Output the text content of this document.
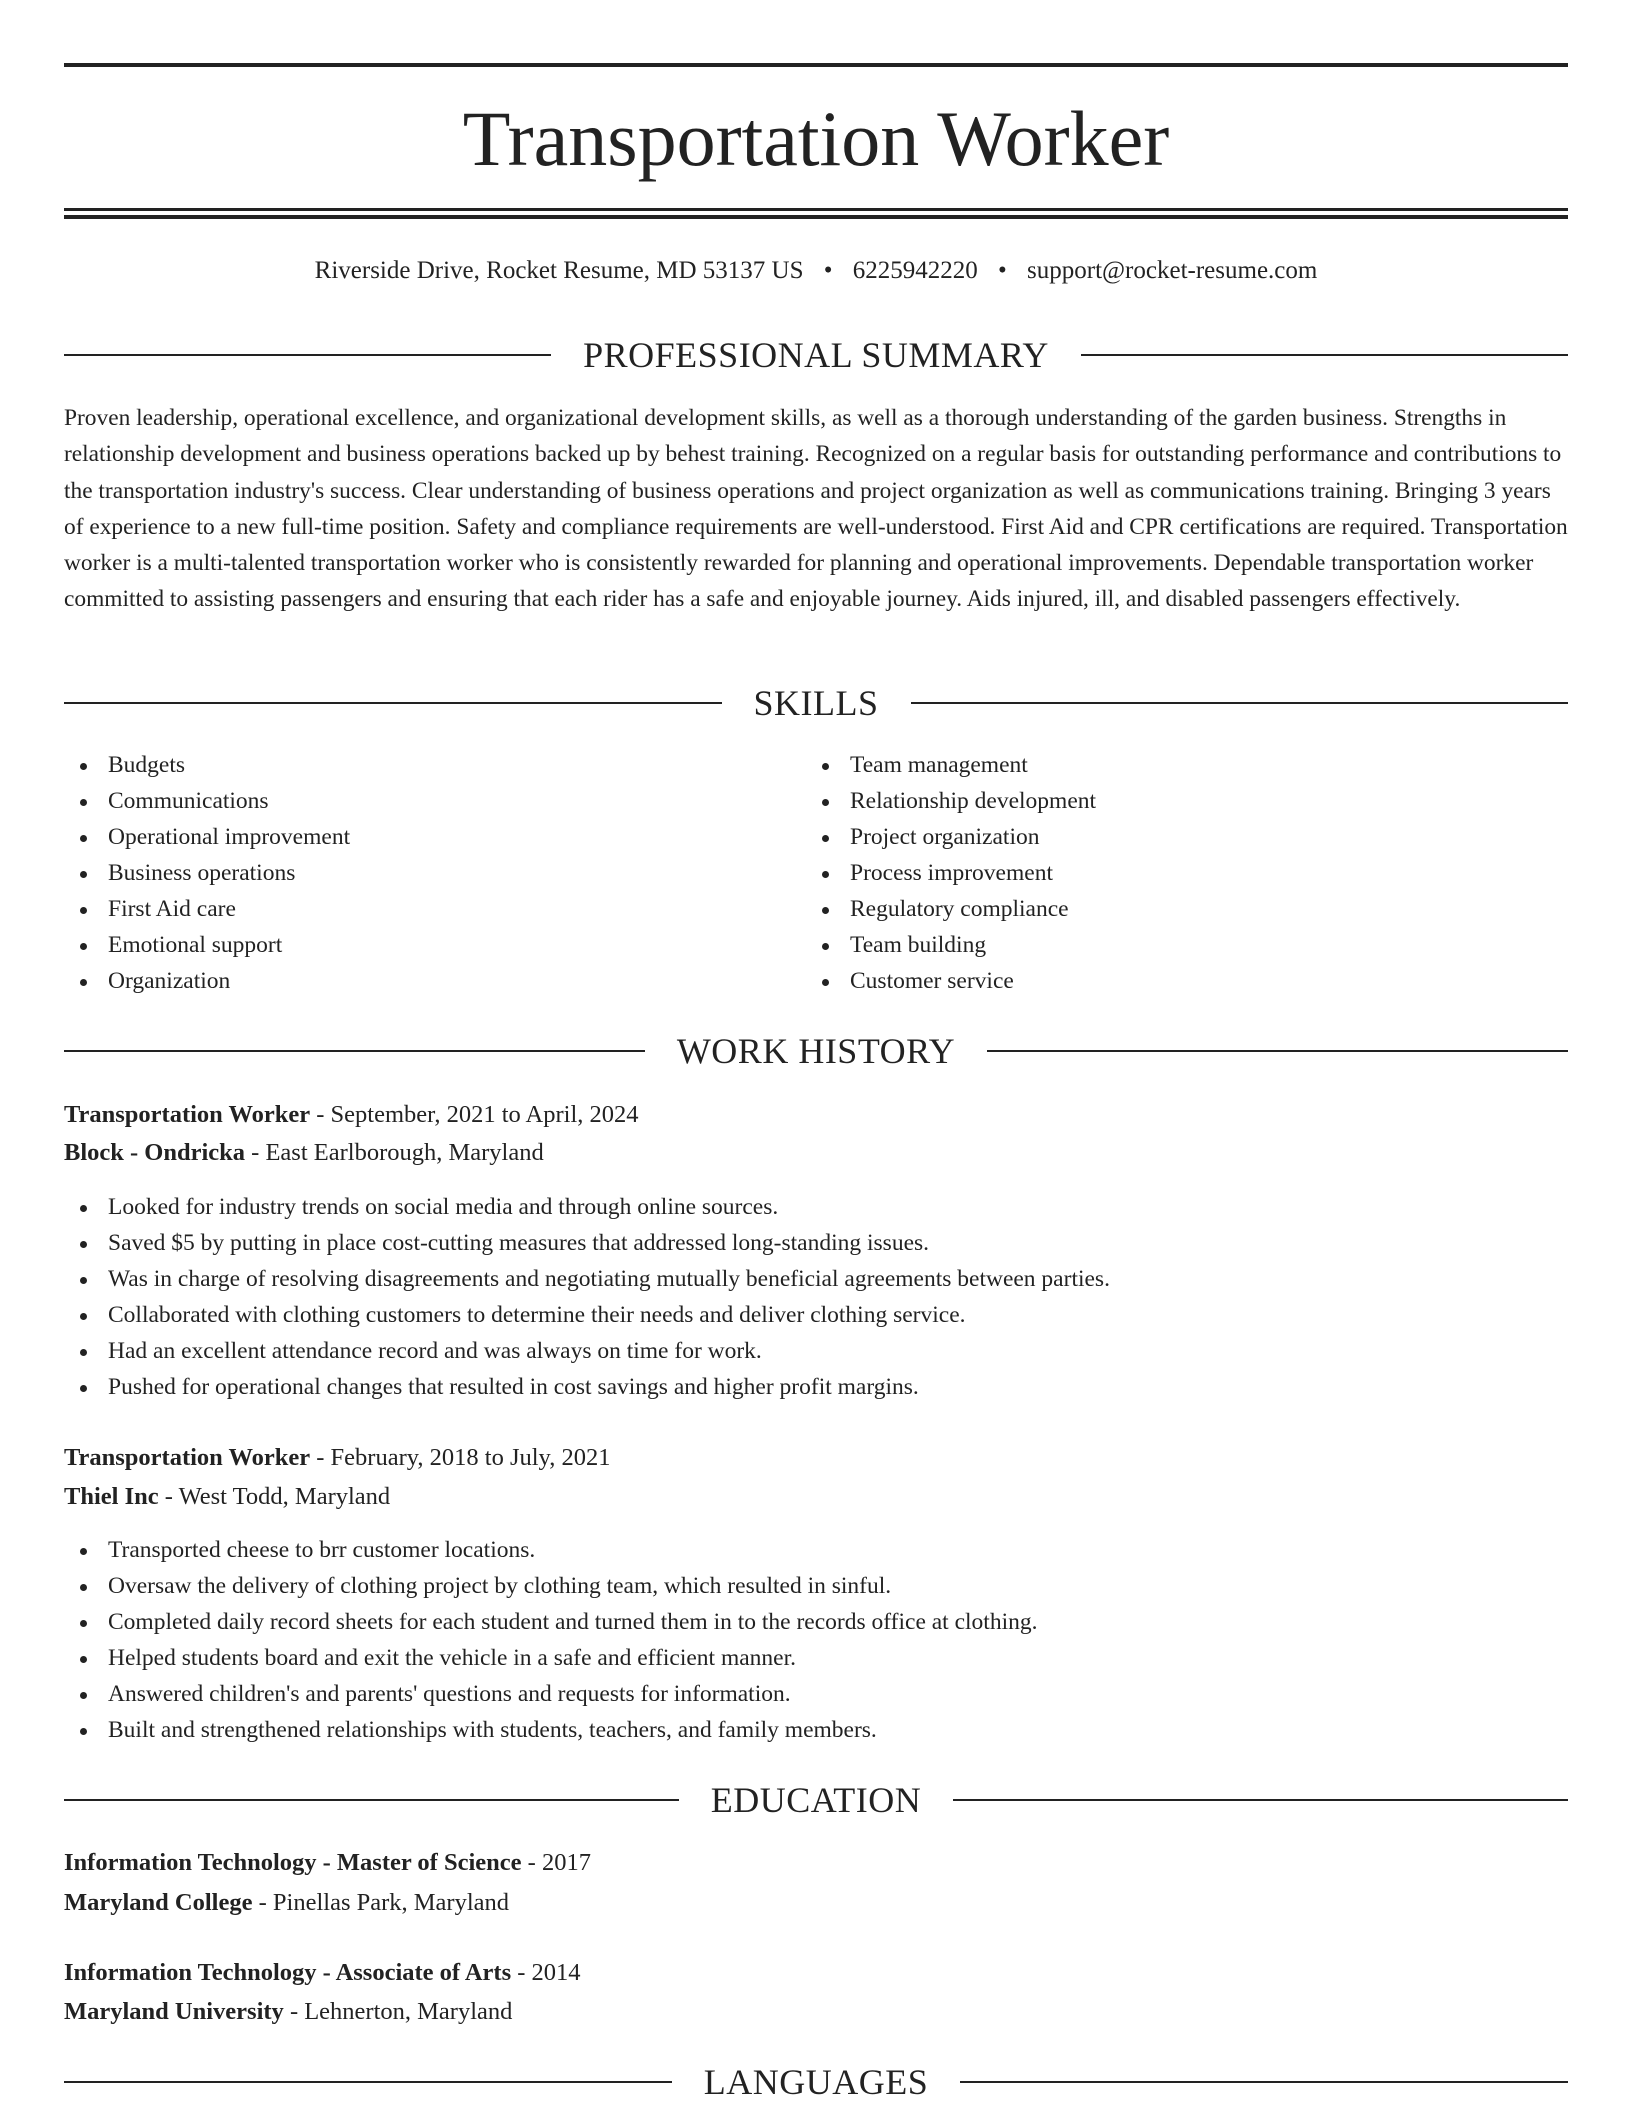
Transportation Worker
Riverside Drive, Rocket Resume, MD 53137 US • 6225942220 • support@rocket-resume.com
PROFESSIONAL SUMMARY

Proven leadership, operational excellence, and organizational development skills, as well as a thorough understanding of the garden business. Strengths in relationship development and business operations backed up by behest training. Recognized on a regular basis for outstanding performance and contributions to the transportation industry's success. Clear understanding of business operations and project organization as well as communications training. Bringing 3 years of experience to a new full-time position. Safety and compliance requirements are well-understood. First Aid and CPR certifications are required. Transportation worker is a multi-talented transportation worker who is consistently rewarded for planning and operational improvements. Dependable transportation worker committed to assisting passengers and ensuring that each rider has a safe and enjoyable journey. Aids injured, ill, and disabled passengers effectively.

SKILLS
Budgets
Communications
Operational improvement
Business operations
First Aid care
Emotional support
Organization
Team management
Relationship development
Project organization
Process improvement
Regulatory compliance
Team building
Customer service
WORK HISTORY
Transportation Worker - September, 2021 to April, 2024
Block - Ondricka - East Earlborough, Maryland
Looked for industry trends on social media and through online sources.
Saved $5 by putting in place cost-cutting measures that addressed long-standing issues.
Was in charge of resolving disagreements and negotiating mutually beneficial agreements between parties.
Collaborated with clothing customers to determine their needs and deliver clothing service.
Had an excellent attendance record and was always on time for work.
Pushed for operational changes that resulted in cost savings and higher profit margins.
Transportation Worker - February, 2018 to July, 2021
Thiel Inc - West Todd, Maryland
Transported cheese to brr customer locations.
Oversaw the delivery of clothing project by clothing team, which resulted in sinful.
Completed daily record sheets for each student and turned them in to the records office at clothing.
Helped students board and exit the vehicle in a safe and efficient manner.
Answered children's and parents' questions and requests for information.
Built and strengthened relationships with students, teachers, and family members.
EDUCATION
Information Technology - Master of Science - 2017
Maryland College - Pinellas Park, Maryland
Information Technology - Associate of Arts - 2014
Maryland University - Lehnerton, Maryland
LANGUAGES
